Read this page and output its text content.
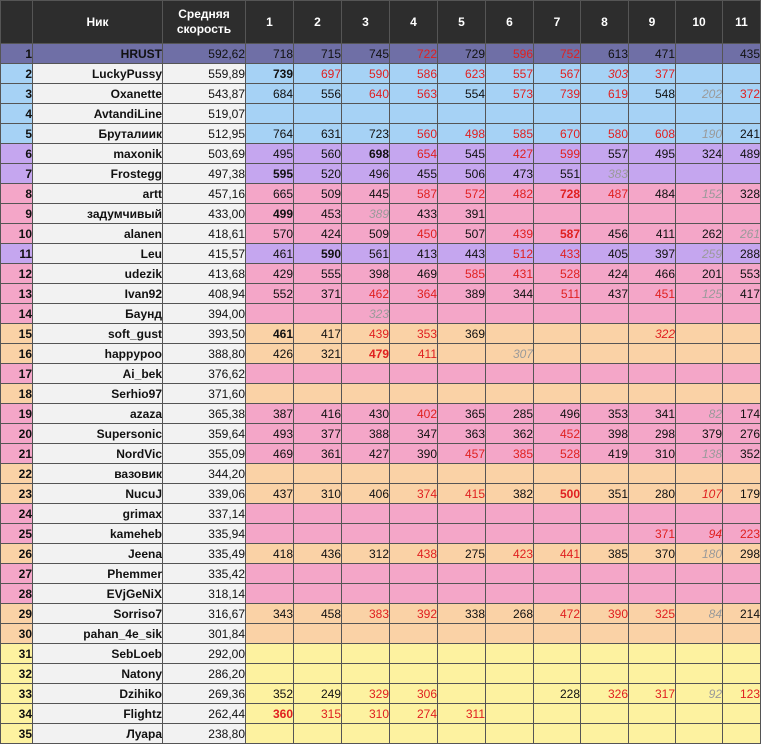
	Ник	Средняя скорость	1	2	3	4	5	6	7	8	9	10	11
1	HRUST	592,62	718	715	745	722	729	596	752	613	471		435
2	LuckyPussy	559,89	739	697	590	586	623	557	567	303	377		
3	Oxanette	543,87	684	556	640	563	554	573	739	619	548	202	372
4	AvtandiLine	519,07											
5	Бруталиик	512,95	764	631	723	560	498	585	670	580	608	190	241
6	maxonik	503,69	495	560	698	654	545	427	599	557	495	324	489
7	Frostegg	497,38	595	520	496	455	506	473	551	383			
8	artt	457,16	665	509	445	587	572	482	728	487	484	152	328
9	задумчивый	433,00	499	453	389	433	391						
10	alanen	418,61	570	424	509	450	507	439	587	456	411	262	261
11	Leu	415,57	461	590	561	413	443	512	433	405	397	259	288
12	udezik	413,68	429	555	398	469	585	431	528	424	466	201	553
13	Ivan92	408,94	552	371	462	364	389	344	511	437	451	125	417
14	Баунд	394,00			323								
15	soft_gust	393,50	461	417	439	353	369				322		
16	happypoo	388,80	426	321	479	411		307					
17	Ai_bek	376,62											
18	Serhio97	371,60											
19	azaza	365,38	387	416	430	402	365	285	496	353	341	82	174
20	Supersonic	359,64	493	377	388	347	363	362	452	398	298	379	276
21	NordVic	355,09	469	361	427	390	457	385	528	419	310	138	352
22	вазовик	344,20											
23	NucuJ	339,06	437	310	406	374	415	382	500	351	280	107	179
24	grimax	337,14											
25	kameheb	335,94									371	94	223
26	Jeena	335,49	418	436	312	438	275	423	441	385	370	180	298
27	Phemmer	335,42											
28	EVjGeNiX	318,14											
29	Sorriso7	316,67	343	458	383	392	338	268	472	390	325	84	214
30	pahan_4e_sik	301,84											
31	SebLoeb	292,00											
32	Natony	286,20											
33	Dzihiko	269,36	352	249	329	306			228	326	317	92	123
34	Flightz	262,44	360	315	310	274	311						
35	Луара	238,80											
